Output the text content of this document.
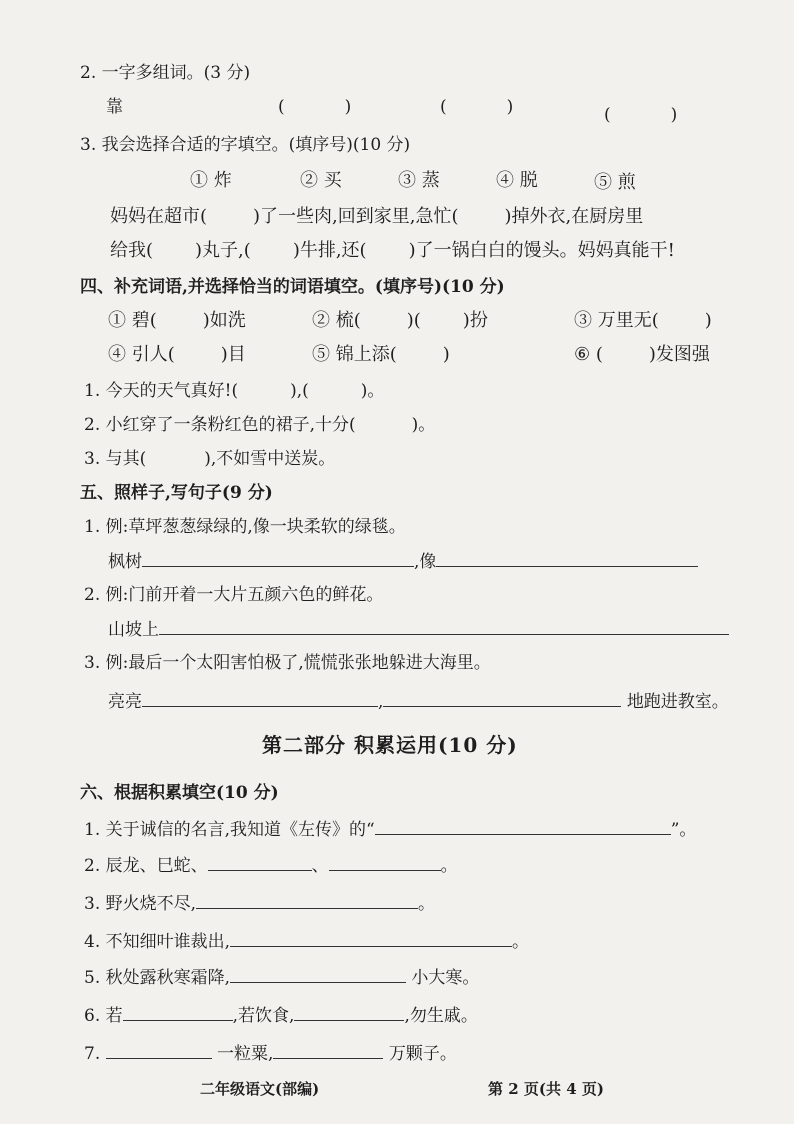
2. 一字多组词。(3 分)
靠	(	)	(	)	(	)
3. 我会选择合适的字填空。(填序号)(10 分)
① 炸	② 买	③ 蒸	④ 脱	⑤ 煎
妈妈在超市(	)了一些肉,回到家里,急忙(	)掉外衣,在厨房里
给我( )丸子,( )牛排,还( )了一锅白白的馒头。妈妈真能干!
四、补充词语,并选择恰当的词语填空。(填序号)(10 分)
① 碧(	)如洗	② 梳(	)( )扮	③ 万里无(	)
④ 引人(	)目	⑤ 锦上添(	)	⑥ (	)发图强
1. 今天的天气真好!(	),(	)。
2. 小红穿了一条粉红色的裙子,十分(	)。
3. 与其(	),不如雪中送炭。
五、照样子,写句子(9 分)
1. 例:草坪葱葱绿绿的,像一块柔软的绿毯。
枫树	,像
2. 例:门前开着一大片五颜六色的鲜花。
山坡上
3. 例:最后一个太阳害怕极了,慌慌张张地躲进大海里。
亮亮	,	地跑进教室。
第二部分 积累运用(10 分)
六、根据积累填空(10 分)
1. 关于诚信的名言,我知道《左传》的“	”。
2. 辰龙、巳蛇、	、	。
3. 野火烧不尽,	。
4. 不知细叶谁裁出,	。
5. 秋处露秋寒霜降,	小大寒。
6. 若	,若饮食,	,勿生戚。
7.	一粒粟,	万颗子。
二年级语文(部编)	第 2 页(共 4 页)
